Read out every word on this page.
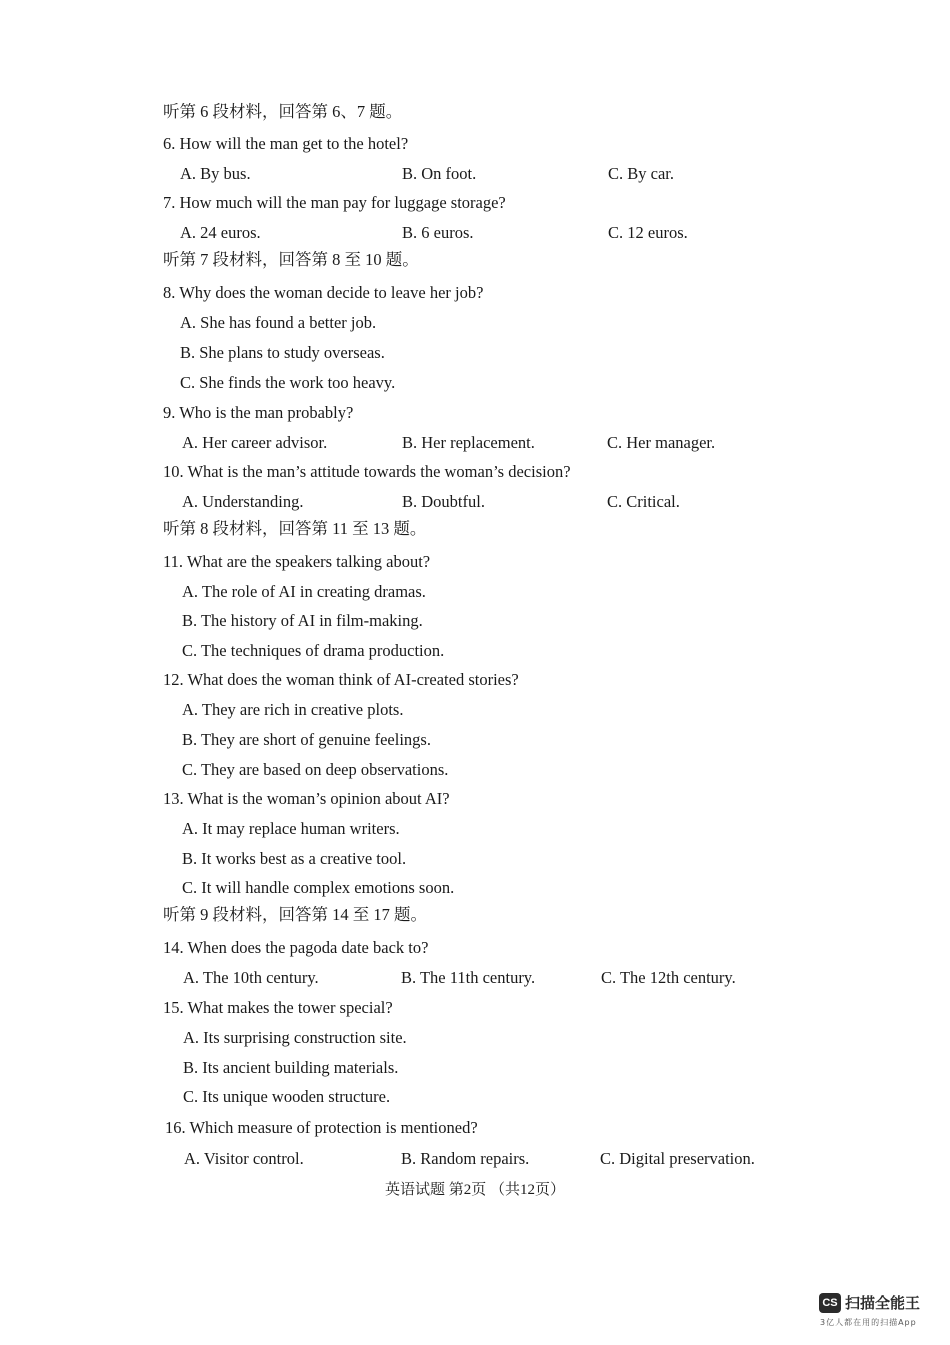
听第 6 段材料，回答第 6、7 题。
6. How will the man get to the hotel?
A. By bus.	B. On foot.	C. By car.
7. How much will the man pay for luggage storage?
A. 24 euros.	B. 6 euros.	C. 12 euros.
听第 7 段材料，回答第 8 至 10 题。
8. Why does the woman decide to leave her job?
A. She has found a better job.
B. She plans to study overseas.
C. She finds the work too heavy.
9. Who is the man probably?
A. Her career advisor.	B. Her replacement.	C. Her manager.
10. What is the man’s attitude towards the woman’s decision?
A. Understanding.	B. Doubtful.	C. Critical.
听第 8 段材料，回答第 11 至 13 题。
11. What are the speakers talking about?
A. The role of AI in creating dramas.
B. The history of AI in film-making.
C. The techniques of drama production.
12. What does the woman think of AI-created stories?
A. They are rich in creative plots.
B. They are short of genuine feelings.
C. They are based on deep observations.
13. What is the woman’s opinion about AI?
A. It may replace human writers.
B. It works best as a creative tool.
C. It will handle complex emotions soon.
听第 9 段材料，回答第 14 至 17 题。
14. When does the pagoda date back to?
A. The 10th century.	B. The 11th century.	C. The 12th century.
15. What makes the tower special?
A. Its surprising construction site.
B. Its ancient building materials.
C. Its unique wooden structure.
16. Which measure of protection is mentioned?
A. Visitor control.	B. Random repairs.	C. Digital preservation.
英语试题 第2页 （共12页）
CS 扫描全能王
3亿人都在用的扫描App
